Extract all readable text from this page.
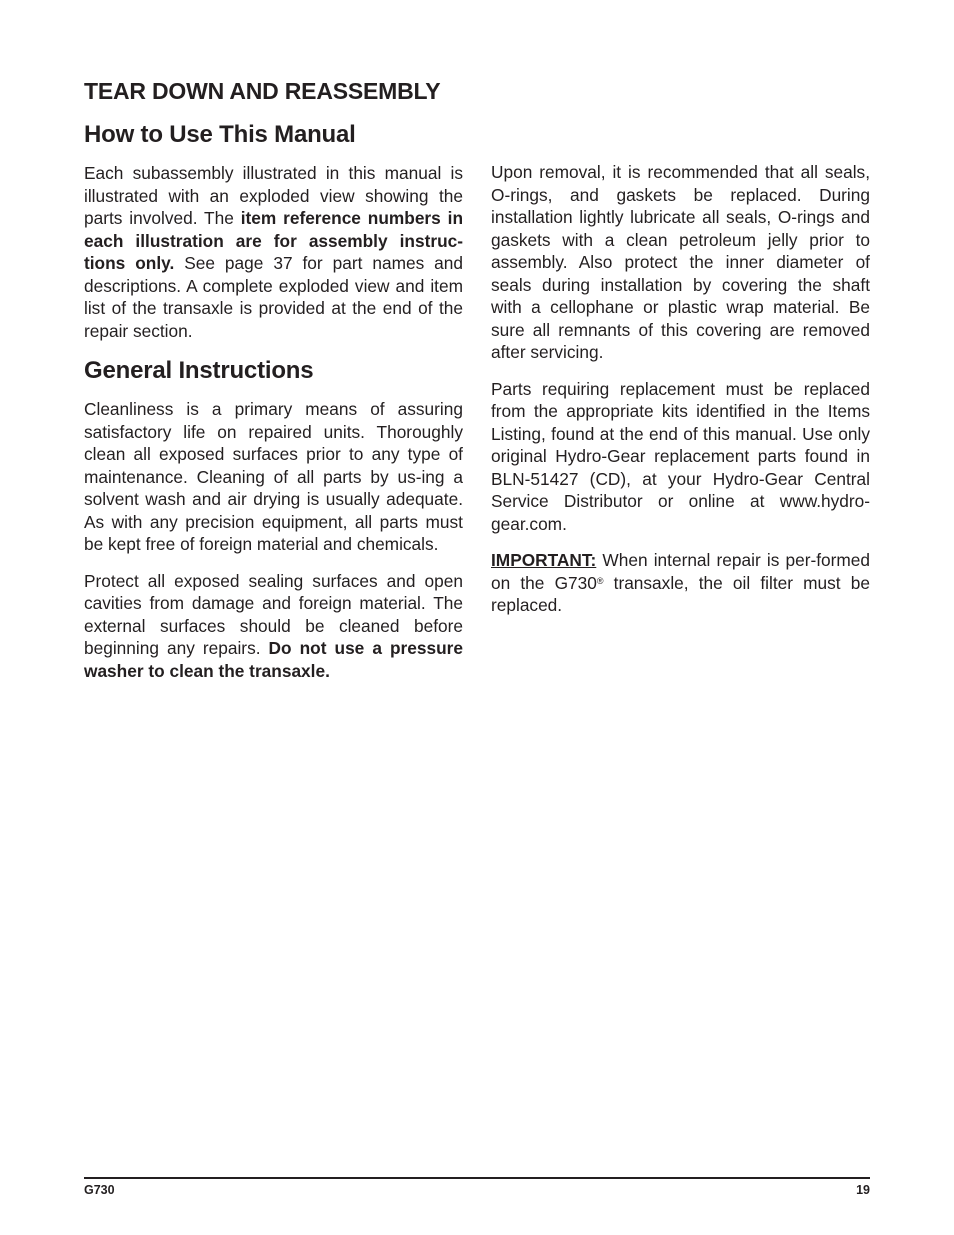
TEAR DOWN AND REASSEMBLY
How to Use This Manual

Each subassembly illustrated in this manual is illustrated with an exploded view showing the parts involved. The item reference numbers in each illustration are for assembly instruc-tions only. See page 37 for part names and descriptions. A complete exploded view and item list of the transaxle is provided at the end of the repair section.

General Instructions

Cleanliness is a primary means of assuring satisfactory life on repaired units. Thoroughly clean all exposed surfaces prior to any type of maintenance. Cleaning of all parts by us-ing a solvent wash and air drying is usually adequate. As with any precision equipment, all parts must be kept free of foreign material and chemicals.

Protect all exposed sealing surfaces and open cavities from damage and foreign material. The external surfaces should be cleaned before beginning any repairs. Do not use a pressure washer to clean the transaxle.

Upon removal, it is recommended that all seals, O-rings, and gaskets be replaced. During installation lightly lubricate all seals, O-rings and gaskets with a clean petroleum jelly prior to assembly. Also protect the inner diameter of seals during installation by covering the shaft with a cellophane or plastic wrap material. Be sure all remnants of this covering are removed after servicing.

Parts requiring replacement must be replaced from the appropriate kits identified in the Items Listing, found at the end of this manual. Use only original Hydro-Gear replacement parts found in BLN-51427 (CD), at your Hydro-Gear Central Service Distributor or online at www.hydro-gear.com.

IMPORTANT: When internal repair is per-formed on the G730® transaxle, the oil filter must be replaced.

G730	19
